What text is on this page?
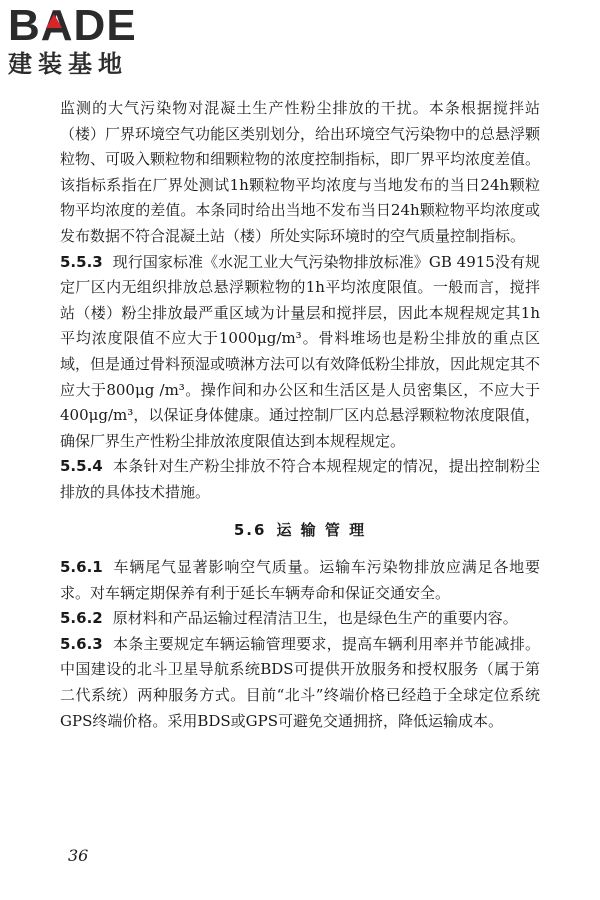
BADE
建装基地

监测的大气污染物对混凝土生产性粉尘排放的干扰。本条根据搅拌站（楼）厂界环境空气功能区类别划分，给出环境空气污染物中的总悬浮颗粒物、可吸入颗粒物和细颗粒物的浓度控制指标，即厂界平均浓度差值。该指标系指在厂界处测试1h颗粒物平均浓度与当地发布的当日24h颗粒物平均浓度的差值。本条同时给出当地不发布当日24h颗粒物平均浓度或发布数据不符合混凝土站（楼）所处实际环境时的空气质量控制指标。

5.5.3 现行国家标准《水泥工业大气污染物排放标准》GB 4915没有规定厂区内无组织排放总悬浮颗粒物的1h平均浓度限值。一般而言，搅拌站（楼）粉尘排放最严重区域为计量层和搅拌层，因此本规程规定其1h平均浓度限值不应大于1000μg/m³。骨料堆场也是粉尘排放的重点区域，但是通过骨料预湿或喷淋方法可以有效降低粉尘排放，因此规定其不应大于800μg /m³。操作间和办公区和生活区是人员密集区，不应大于400μg/m³，以保证身体健康。通过控制厂区内总悬浮颗粒物浓度限值，确保厂界生产性粉尘排放浓度限值达到本规程规定。

5.5.4 本条针对生产粉尘排放不符合本规程规定的情况，提出控制粉尘排放的具体技术措施。

5.6 运 输 管 理

5.6.1 车辆尾气显著影响空气质量。运输车污染物排放应满足各地要求。对车辆定期保养有利于延长车辆寿命和保证交通安全。

5.6.2 原材料和产品运输过程清洁卫生，也是绿色生产的重要内容。

5.6.3 本条主要规定车辆运输管理要求，提高车辆利用率并节能减排。中国建设的北斗卫星导航系统BDS可提供开放服务和授权服务（属于第二代系统）两种服务方式。目前“北斗”终端价格已经趋于全球定位系统GPS终端价格。采用BDS或GPS可避免交通拥挤，降低运输成本。

36
